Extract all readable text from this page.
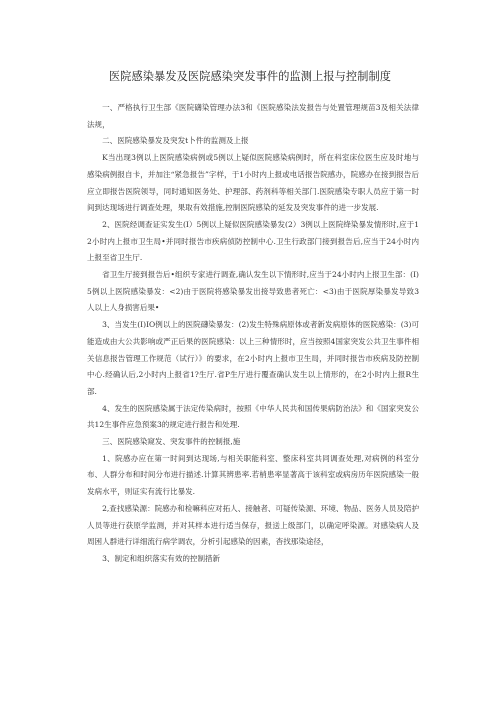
医院感染暴发及医院感染突发事件的监测上报与控制制度

一、严格执行卫生部《医院礴染管理办法3和《医院感染法发报告与处置管理规苗3及相关法律法规，

二、医院感染暴发及突发t卜件的监测及上报

K当出现3例以上医院感染病例或5例以上疑似医院感染病例时，所在科室床位医生应及时地与感染病例报自卡，并加注“紧急报告”字样，于1小时内上报或电话报告院感办，院感办在接到报告后应立即报告医院领导，同时通知医务处、护理部、药剂科等相关部门.医院感染专职人员应于第一时间到达现场进行调查处理，果取有效措施,控制医院感染的延发及突发事件的进一步发展.

2、医院经调查证实发生(I）5例以上疑似医院感染暴发(2）3例以上医院绛染暴发情形时,应于12小时内上报市卫生局•并同时报告市疾病侦防控制中心.卫生行政部门接到报告后,应当于24小时内上报至省卫生厅.

省卫生厅接到报告后•组织专家进行调查,确认发生以下情形时,应当于24小时内上报卫生部：(I)5例以上医院感染暴发：<2)由于医院将感染暴发出接导致患者死亡：<3)由于医院厚染暴发导致3人以上人身损害后果•

3、当发生(I)IO例以上的医院礴染暴发：(2)发生特殊病原体或者新发病原体的医院感染：(3)可能造成由大公共影响或严正后果的医院感染：以上三种情形时，应当按照4国家突发公共卫生事件相关信息报告管理工作规范（试行）》的要求，在2小时内上报市卫生局，并同时报告市疾病及防控制中心.经确认后,2小时内上报省1?生厅.省P生厅进行覆查确认发生以上情形的，在2小时内上报R生部.

4、发生的医院感染属于法定传染病时，按照《中华人民共和国传果病防治法》和《国家突发公共12生事件应急预案3的规定进行报告和处理.

三、医院感染窥发、突发事件的控制报,施

1、院感办应在第一时间到达现场,与相关职能科室、整床科室共同调查处理,对病例的科室分布、人群分布和时间分布进行描述.计算其辨患率.若梢患率显著高于该科室或病房历年医院感染一般发病水平，则证实有流行比暴发.

2,查找感染源：院感办和检嘛科应对拓人、接触者、可疑传染源、环境、物品、医务人员及陪护人员等进行获原学监测，并对其样本进行适当保存，报送上级部门，以确定呼染源。对感染病人及周困人群进行详细流行病学调农，分析引起感染的因素，杳找那染途径，

3、制定和组织落实有效的控制措新
